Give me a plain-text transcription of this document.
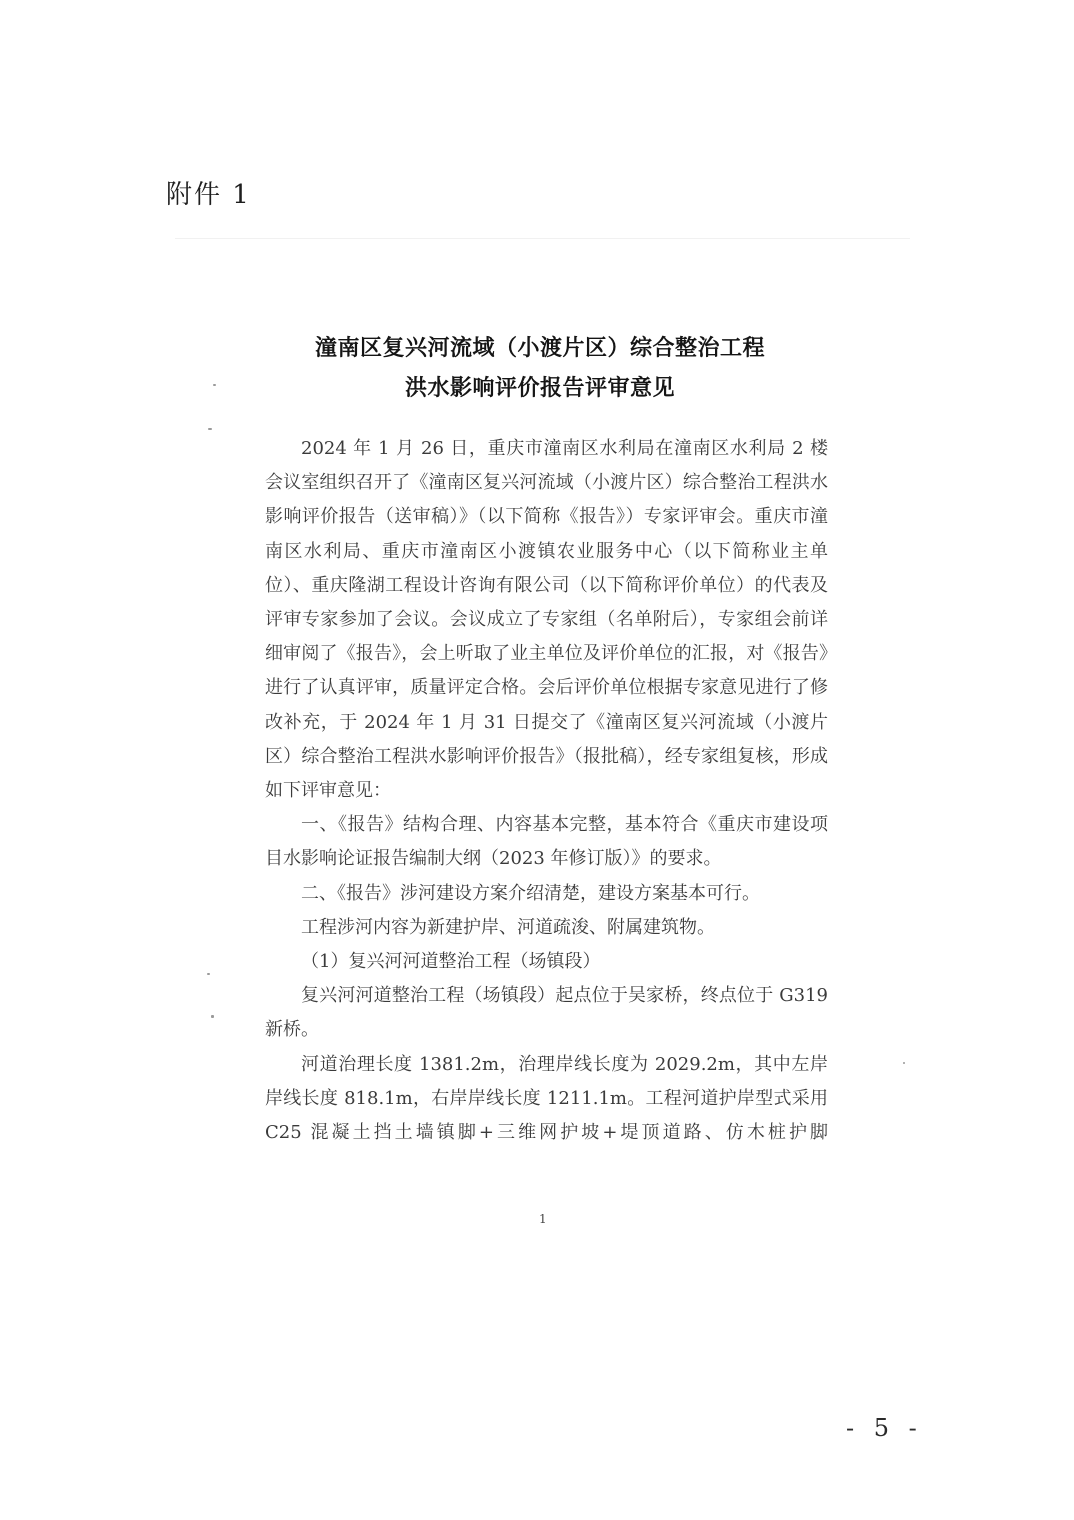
附件 1
潼南区复兴河流域（小渡片区）综合整治工程
洪水影响评价报告评审意见

2024 年 1 月 26 日，重庆市潼南区水利局在潼南区水利局 2 楼会议室组织召开了《潼南区复兴河流域（小渡片区）综合整治工程洪水影响评价报告（送审稿）》（以下简称《报告》）专家评审会。重庆市潼南区水利局、重庆市潼南区小渡镇农业服务中心（以下简称业主单位）、重庆隆湖工程设计咨询有限公司（以下简称评价单位）的代表及评审专家参加了会议。会议成立了专家组（名单附后），专家组会前详细审阅了《报告》，会上听取了业主单位及评价单位的汇报，对《报告》进行了认真评审，质量评定合格。会后评价单位根据专家意见进行了修改补充，于 2024 年 1 月 31 日提交了《潼南区复兴河流域（小渡片区）综合整治工程洪水影响评价报告》（报批稿），经专家组复核，形成如下评审意见：

一、《报告》结构合理、内容基本完整，基本符合《重庆市建设项目水影响论证报告编制大纲（2023 年修订版）》的要求。

二、《报告》涉河建设方案介绍清楚，建设方案基本可行。

工程涉河内容为新建护岸、河道疏浚、附属建筑物。

（1）复兴河河道整治工程（场镇段）

复兴河河道整治工程（场镇段）起点位于吴家桥，终点位于 G319 新桥。

河道治理长度 1381.2m，治理岸线长度为 2029.2m，其中左岸岸线长度 818.1m，右岸岸线长度 1211.1m。工程河道护岸型式采用 C25 混凝土挡土墙镇脚+三维网护坡+堤顶道路、仿木桩护脚

1
- 5 -
